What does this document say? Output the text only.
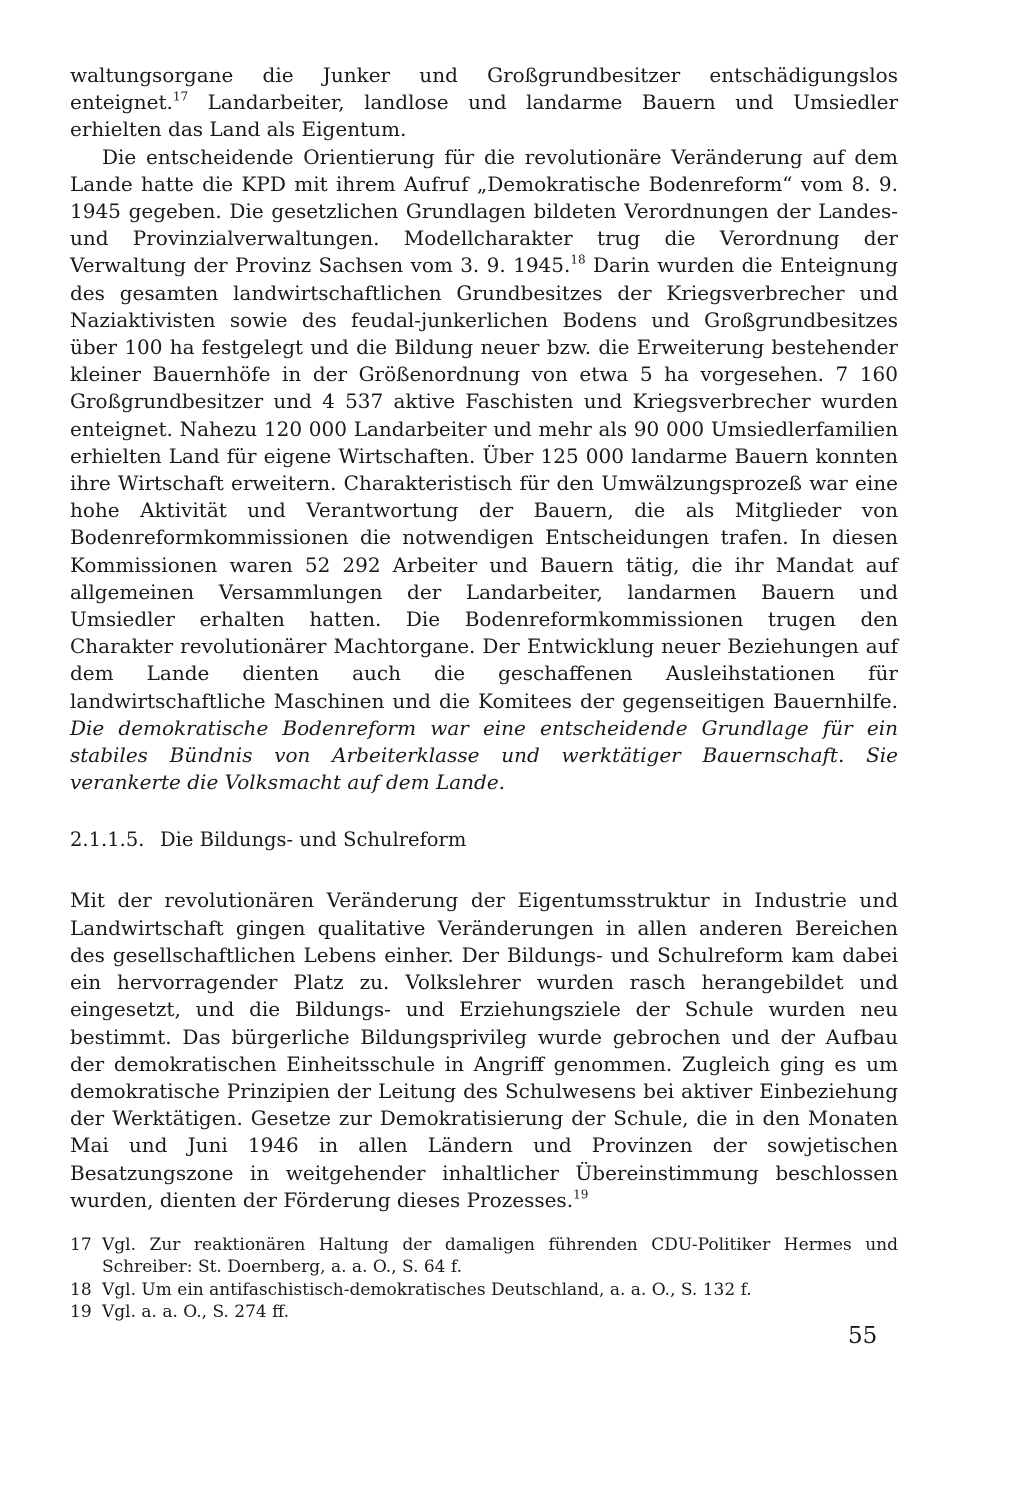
waltungsorgane die Junker und Großgrundbesitzer entschädigungslos enteignet.$^{17}$ Landarbeiter, landlose und landarme Bauern und Umsiedler erhielten das Land als Eigentum.

Die entscheidende Orientierung für die revolutionäre Veränderung auf dem Lande hatte die KPD mit ihrem Aufruf „Demokratische Bodenreform“ vom 8. 9. 1945 gegeben. Die gesetzlichen Grundlagen bildeten Verordnungen der Landes- und Provinzialverwaltungen. Modellcharakter trug die Verordnung der Verwaltung der Provinz Sachsen vom 3. 9. 1945.18 Darin wurden die Enteignung des gesamten landwirtschaftlichen Grundbesitzes der Kriegsverbrecher und Naziaktivisten sowie des feudal-junkerlichen Bodens und Großgrundbesitzes über 100 ha festgelegt und die Bildung neuer bzw. die Erweiterung bestehender kleiner Bauernhöfe in der Größenordnung von etwa 5 ha vorgesehen. 7 160 Großgrundbesitzer und 4 537 aktive Faschisten und Kriegsverbrecher wurden enteignet. Nahezu 120 000 Landarbeiter und mehr als 90 000 Umsiedlerfamilien erhielten Land für eigene Wirtschaften. Über 125 000 landarme Bauern konnten ihre Wirtschaft erweitern. Charakteristisch für den Umwälzungsprozeß war eine hohe Aktivität und Verantwortung der Bauern, die als Mitglieder von Bodenreformkommissionen die notwendigen Entscheidungen trafen. In diesen Kommissionen waren 52 292 Arbeiter und Bauern tätig, die ihr Mandat auf allgemeinen Versammlungen der Landarbeiter, landarmen Bauern und Umsiedler erhalten hatten. Die Bodenreformkommissionen trugen den Charakter revolutionärer Machtorgane. Der Entwicklung neuer Beziehungen auf dem Lande dienten auch die geschaffenen Ausleihstationen für landwirtschaftliche Maschinen und die Komitees der gegenseitigen Bauernhilfe. Die demokratische Bodenreform war eine entscheidende Grundlage für ein stabiles Bündnis von Arbeiterklasse und werktätiger Bauernschaft. Sie verankerte die Volksmacht auf dem Lande.

2.1.1.5. Die Bildungs- und Schulreform

Mit der revolutionären Veränderung der Eigentumsstruktur in Industrie und Landwirtschaft gingen qualitative Veränderungen in allen anderen Bereichen des gesellschaftlichen Lebens einher. Der Bildungs- und Schulreform kam dabei ein hervorragender Platz zu. Volkslehrer wurden rasch herangebildet und eingesetzt, und die Bildungs- und Erziehungsziele der Schule wurden neu bestimmt. Das bürgerliche Bildungsprivileg wurde gebrochen und der Aufbau der demokratischen Einheitsschule in Angriff genommen. Zugleich ging es um demokratische Prinzipien der Leitung des Schulwesens bei aktiver Einbeziehung der Werktätigen. Gesetze zur Demokratisierung der Schule, die in den Monaten Mai und Juni 1946 in allen Ländern und Provinzen der sowjetischen Besatzungszone in weitgehender inhaltlicher Übereinstimmung beschlossen wurden, dienten der Förderung dieses Prozesses.$^{19}$

17 Vgl. Zur reaktionären Haltung der damaligen führenden CDU-Politiker Hermes und Schreiber: St. Doernberg, a. a. O., S. 64 f.
18 Vgl. Um ein antifaschistisch-demokratisches Deutschland, a. a. O., S. 132 f.
19 Vgl. a. a. O., S. 274 ff.
55
